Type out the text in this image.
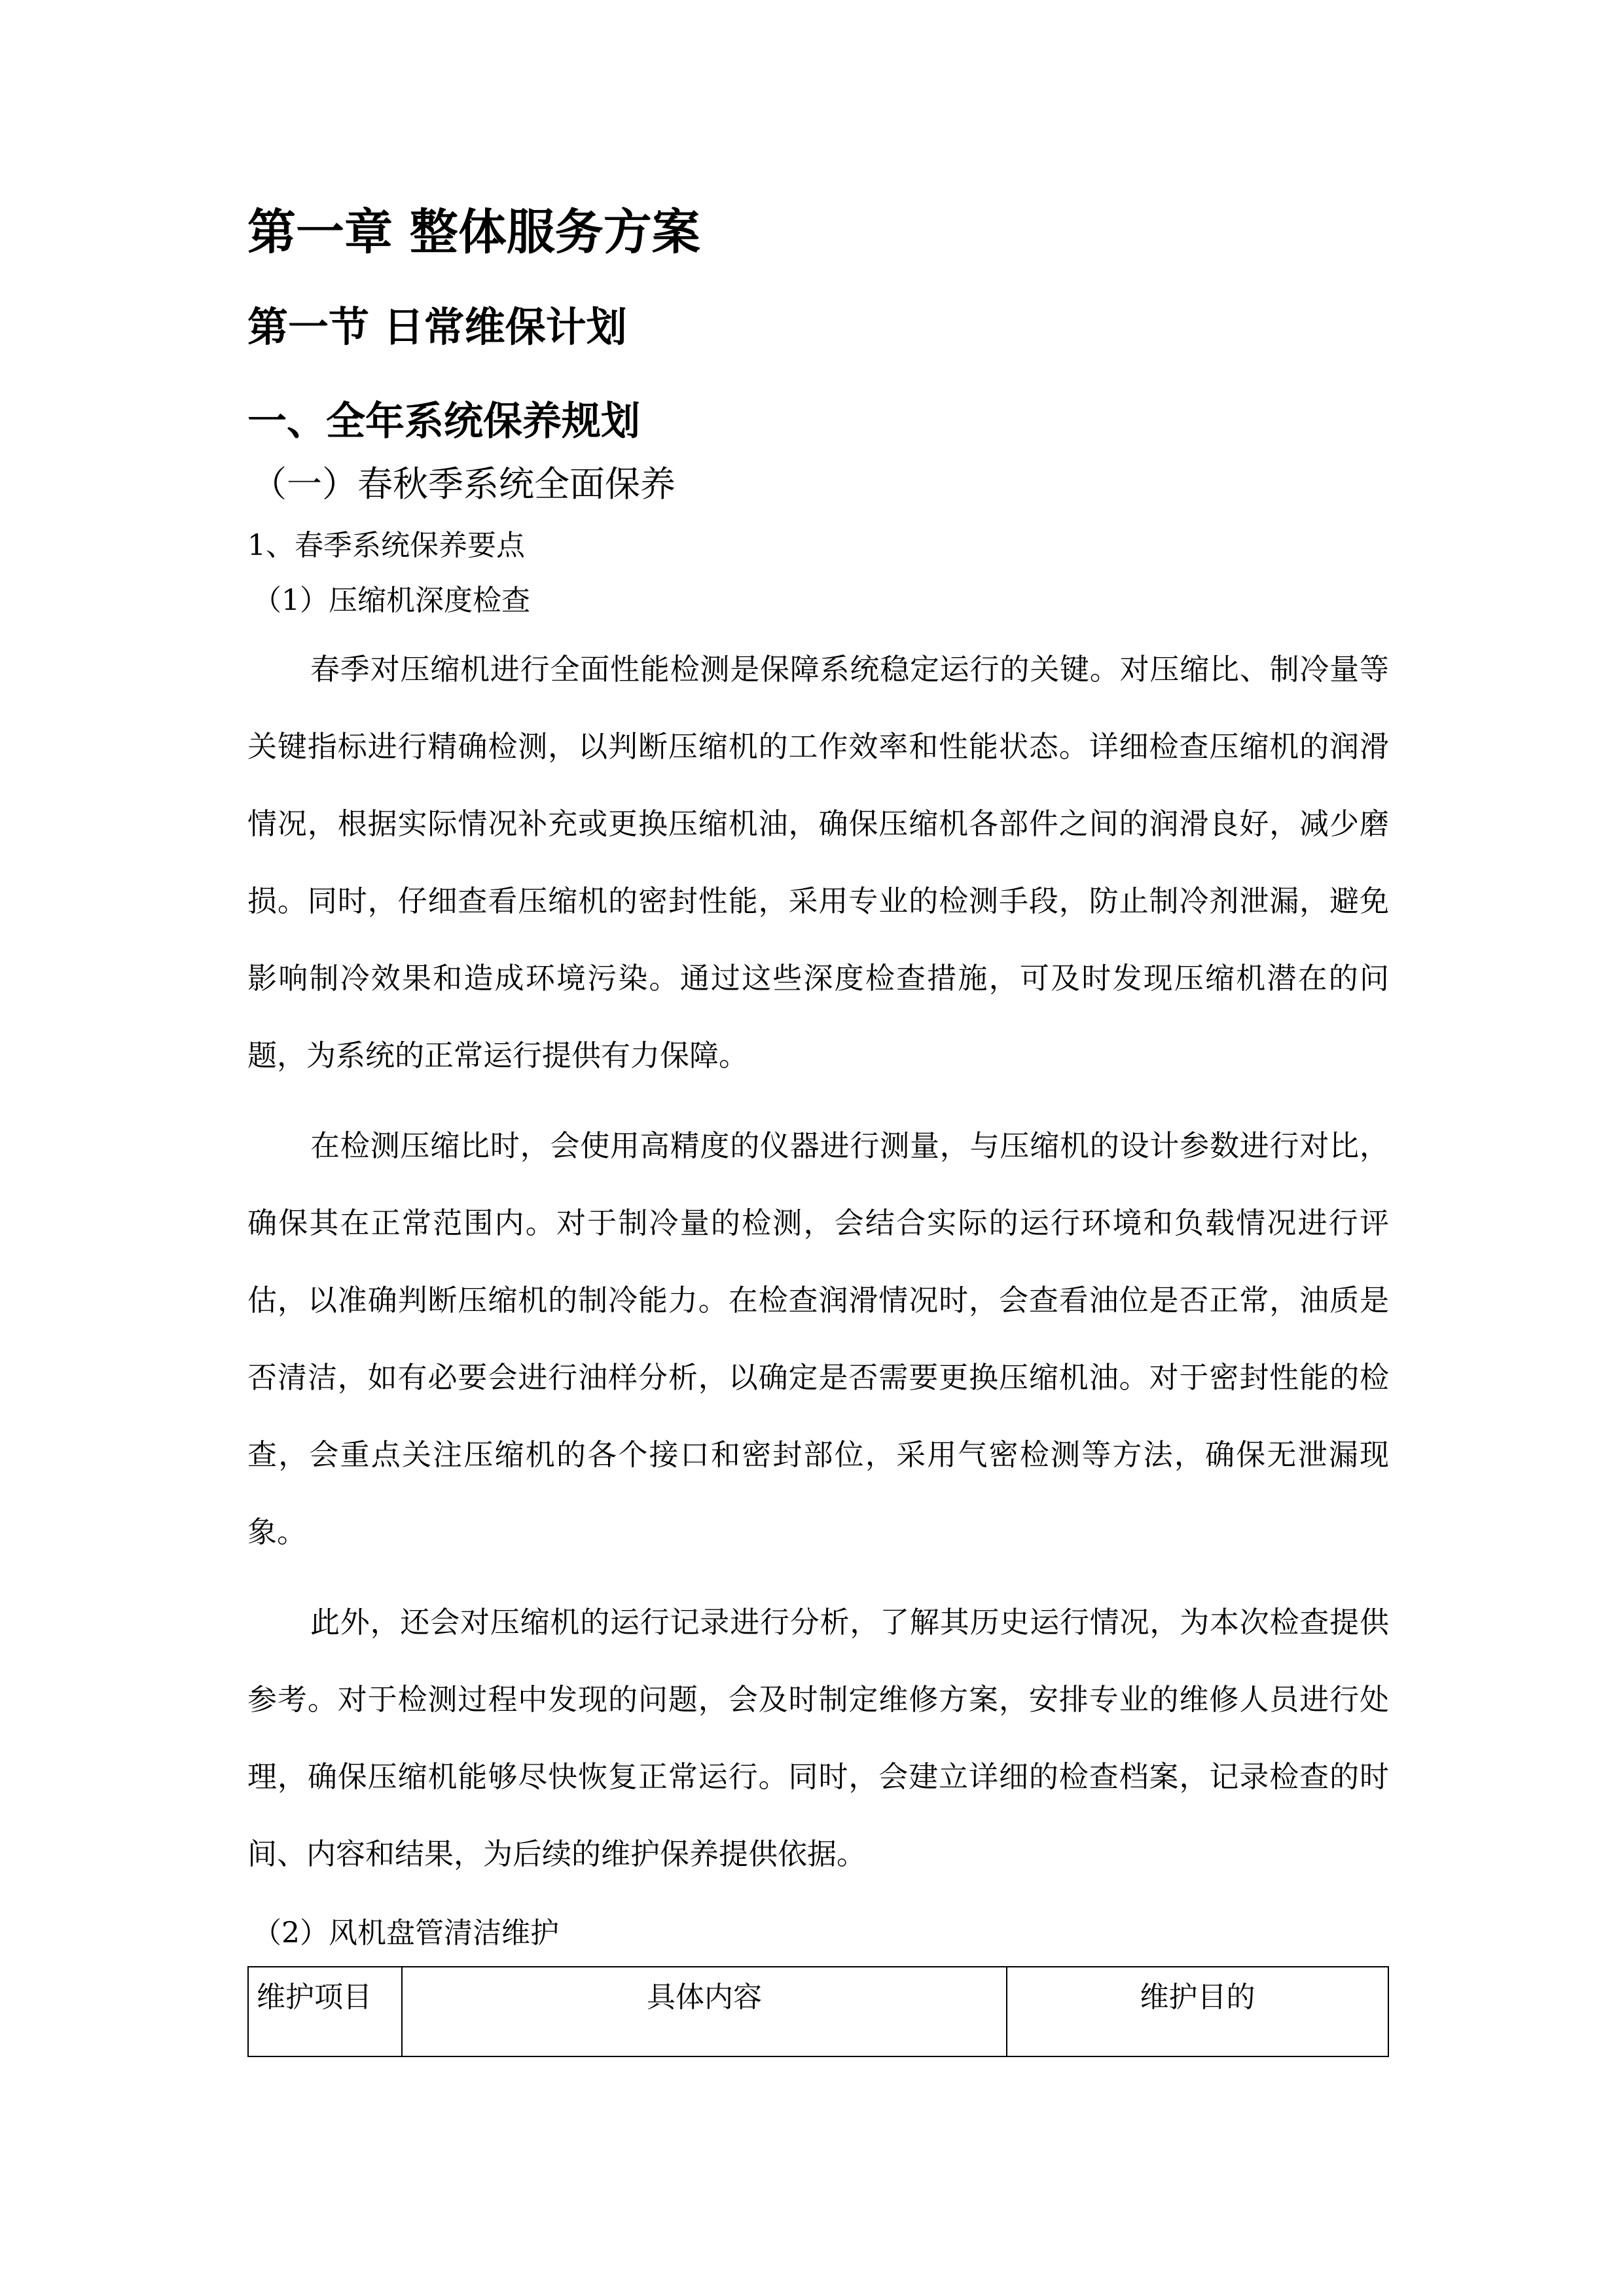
第一章 整体服务方案
第一节 日常维保计划
一、全年系统保养规划
（一）春秋季系统全面保养
1、春季系统保养要点
（1）压缩机深度检查

春季对压缩机进行全面性能检测是保障系统稳定运行的关键。对压缩比、制冷量等关键指标进行精确检测，以判断压缩机的工作效率和性能状态。详细检查压缩机的润滑情况，根据实际情况补充或更换压缩机油，确保压缩机各部件之间的润滑良好，减少磨损。同时，仔细查看压缩机的密封性能，采用专业的检测手段，防止制冷剂泄漏，避免影响制冷效果和造成环境污染。通过这些深度检查措施，可及时发现压缩机潜在的问题，为系统的正常运行提供有力保障。

在检测压缩比时，会使用高精度的仪器进行测量，与压缩机的设计参数进行对比，确保其在正常范围内。对于制冷量的检测，会结合实际的运行环境和负载情况进行评估，以准确判断压缩机的制冷能力。在检查润滑情况时，会查看油位是否正常，油质是否清洁，如有必要会进行油样分析，以确定是否需要更换压缩机油。对于密封性能的检查，会重点关注压缩机的各个接口和密封部位，采用气密检测等方法，确保无泄漏现象。

此外，还会对压缩机的运行记录进行分析，了解其历史运行情况，为本次检查提供参考。对于检测过程中发现的问题，会及时制定维修方案，安排专业的维修人员进行处理，确保压缩机能够尽快恢复正常运行。同时，会建立详细的检查档案，记录检查的时间、内容和结果，为后续的维护保养提供依据。

（2）风机盘管清洁维护
维护项目	具体内容	维护目的
